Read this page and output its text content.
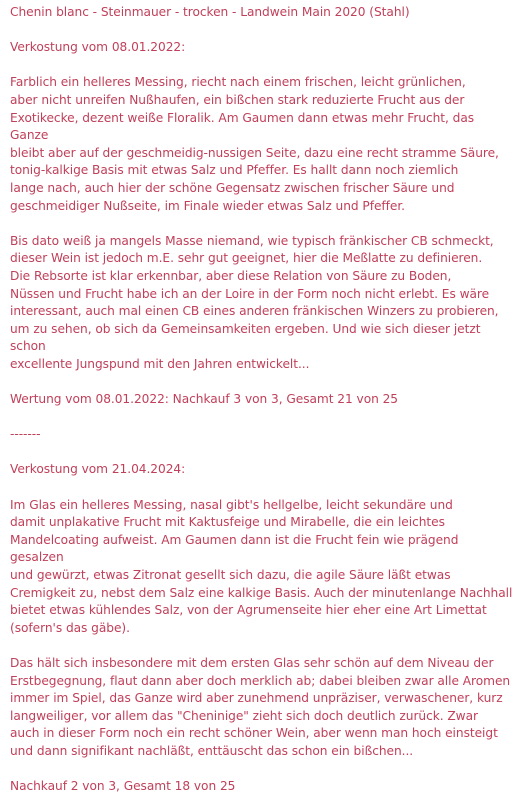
Chenin blanc - Steinmauer - trocken - Landwein Main 2020 (Stahl)

Verkostung vom 08.01.2022:

Farblich ein helleres Messing, riecht nach einem frischen, leicht grünlichen,
aber nicht unreifen Nußhaufen, ein bißchen stark reduzierte Frucht aus der
Exotikecke, dezent weiße Floralik. Am Gaumen dann etwas mehr Frucht, das Ganze
bleibt aber auf der geschmeidig-nussigen Seite, dazu eine recht stramme Säure,
tonig-kalkige Basis mit etwas Salz und Pfeffer. Es hallt dann noch ziemlich
lange nach, auch hier der schöne Gegensatz zwischen frischer Säure und
geschmeidiger Nußseite, im Finale wieder etwas Salz und Pfeffer.

Bis dato weiß ja mangels Masse niemand, wie typisch fränkischer CB schmeckt,
dieser Wein ist jedoch m.E. sehr gut geeignet, hier die Meßlatte zu definieren.
Die Rebsorte ist klar erkennbar, aber diese Relation von Säure zu Boden,
Nüssen und Frucht habe ich an der Loire in der Form noch nicht erlebt. Es wäre
interessant, auch mal einen CB eines anderen fränkischen Winzers zu probieren,
um zu sehen, ob sich da Gemeinsamkeiten ergeben. Und wie sich dieser jetzt schon
excellente Jungspund mit den Jahren entwickelt...

Wertung vom 08.01.2022: Nachkauf 3 von 3, Gesamt 21 von 25

-------

Verkostung vom 21.04.2024:

Im Glas ein helleres Messing, nasal gibt's hellgelbe, leicht sekundäre und
damit unplakative Frucht mit Kaktusfeige und Mirabelle, die ein leichtes
Mandelcoating aufweist. Am Gaumen dann ist die Frucht fein wie prägend gesalzen
und gewürzt, etwas Zitronat gesellt sich dazu, die agile Säure läßt etwas
Cremigkeit zu, nebst dem Salz eine kalkige Basis. Auch der minutenlange Nachhall
bietet etwas kühlendes Salz, von der Agrumenseite hier eher eine Art Limettat
(sofern's das gäbe).

Das hält sich insbesondere mit dem ersten Glas sehr schön auf dem Niveau der
Erstbegegnung, flaut dann aber doch merklich ab; dabei bleiben zwar alle Aromen
immer im Spiel, das Ganze wird aber zunehmend unpräziser, verwaschener, kurz
langweiliger, vor allem das "Cheninige" zieht sich doch deutlich zurück. Zwar
auch in dieser Form noch ein recht schöner Wein, aber wenn man hoch einsteigt
und dann signifikant nachläßt, enttäuscht das schon ein bißchen...

Nachkauf 2 von 3, Gesamt 18 von 25
